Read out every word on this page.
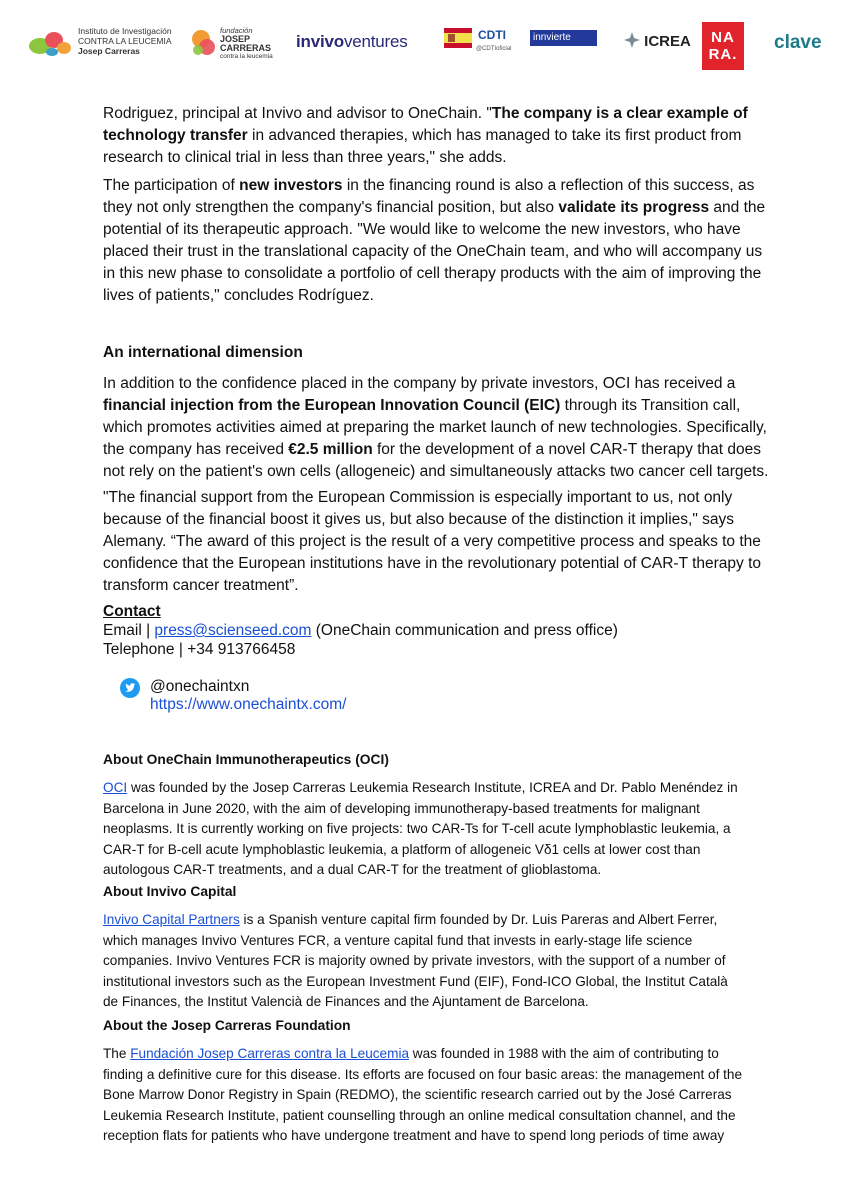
Instituto de Investigación
CONTRA LA LEUCEMIA
Josep Carreras
fundación
JOSEP
CARRERAS
contra la leucemia
invivoventures	CDTI
@CDTIoficial
innvierte	ICREA	NA
RA.
clave
Rodriguez, principal at Invivo and advisor to OneChain. "The company is a clear example of
technology transfer in advanced therapies, which has managed to take its first product from
research to clinical trial in less than three years," she adds.
The participation of new investors in the financing round is also a reflection of this success, as
they not only strengthen the company's financial position, but also validate its progress and the
potential of its therapeutic approach. "We would like to welcome the new investors, who have
placed their trust in the translational capacity of the OneChain team, and who will accompany us
in this new phase to consolidate a portfolio of cell therapy products with the aim of improving the
lives of patients," concludes Rodríguez.
An international dimension
In addition to the confidence placed in the company by private investors, OCI has received a
financial injection from the European Innovation Council (EIC) through its Transition call,
which promotes activities aimed at preparing the market launch of new technologies. Specifically,
the company has received €2.5 million for the development of a novel CAR-T therapy that does
not rely on the patient's own cells (allogeneic) and simultaneously attacks two cancer cell targets.
"The financial support from the European Commission is especially important to us, not only
because of the financial boost it gives us, but also because of the distinction it implies," says
Alemany. “The award of this project is the result of a very competitive process and speaks to the
confidence that the European institutions have in the revolutionary potential of CAR-T therapy to
transform cancer treatment”.
Contact
Email | press@scienseed.com (OneChain communication and press office)
Telephone | +34 913766458
@onechaintxn
https://www.onechaintx.com/
About OneChain Immunotherapeutics (OCI)
OCI was founded by the Josep Carreras Leukemia Research Institute, ICREA and Dr. Pablo Menéndez in
Barcelona in June 2020, with the aim of developing immunotherapy-based treatments for malignant
neoplasms. It is currently working on five projects: two CAR-Ts for T-cell acute lymphoblastic leukemia, a
CAR-T for B-cell acute lymphoblastic leukemia, a platform of allogeneic Vδ1 cells at lower cost than
autologous CAR-T treatments, and a dual CAR-T for the treatment of glioblastoma.
About Invivo Capital
Invivo Capital Partners is a Spanish venture capital firm founded by Dr. Luis Pareras and Albert Ferrer,
which manages Invivo Ventures FCR, a venture capital fund that invests in early-stage life science
companies. Invivo Ventures FCR is majority owned by private investors, with the support of a number of
institutional investors such as the European Investment Fund (EIF), Fond-ICO Global, the Institut Català
de Finances, the Institut Valencià de Finances and the Ajuntament de Barcelona.
About the Josep Carreras Foundation
The Fundación Josep Carreras contra la Leucemia was founded in 1988 with the aim of contributing to
finding a definitive cure for this disease. Its efforts are focused on four basic areas: the management of the
Bone Marrow Donor Registry in Spain (REDMO), the scientific research carried out by the José Carreras
Leukemia Research Institute, patient counselling through an online medical consultation channel, and the
reception flats for patients who have undergone treatment and have to spend long periods of time away
